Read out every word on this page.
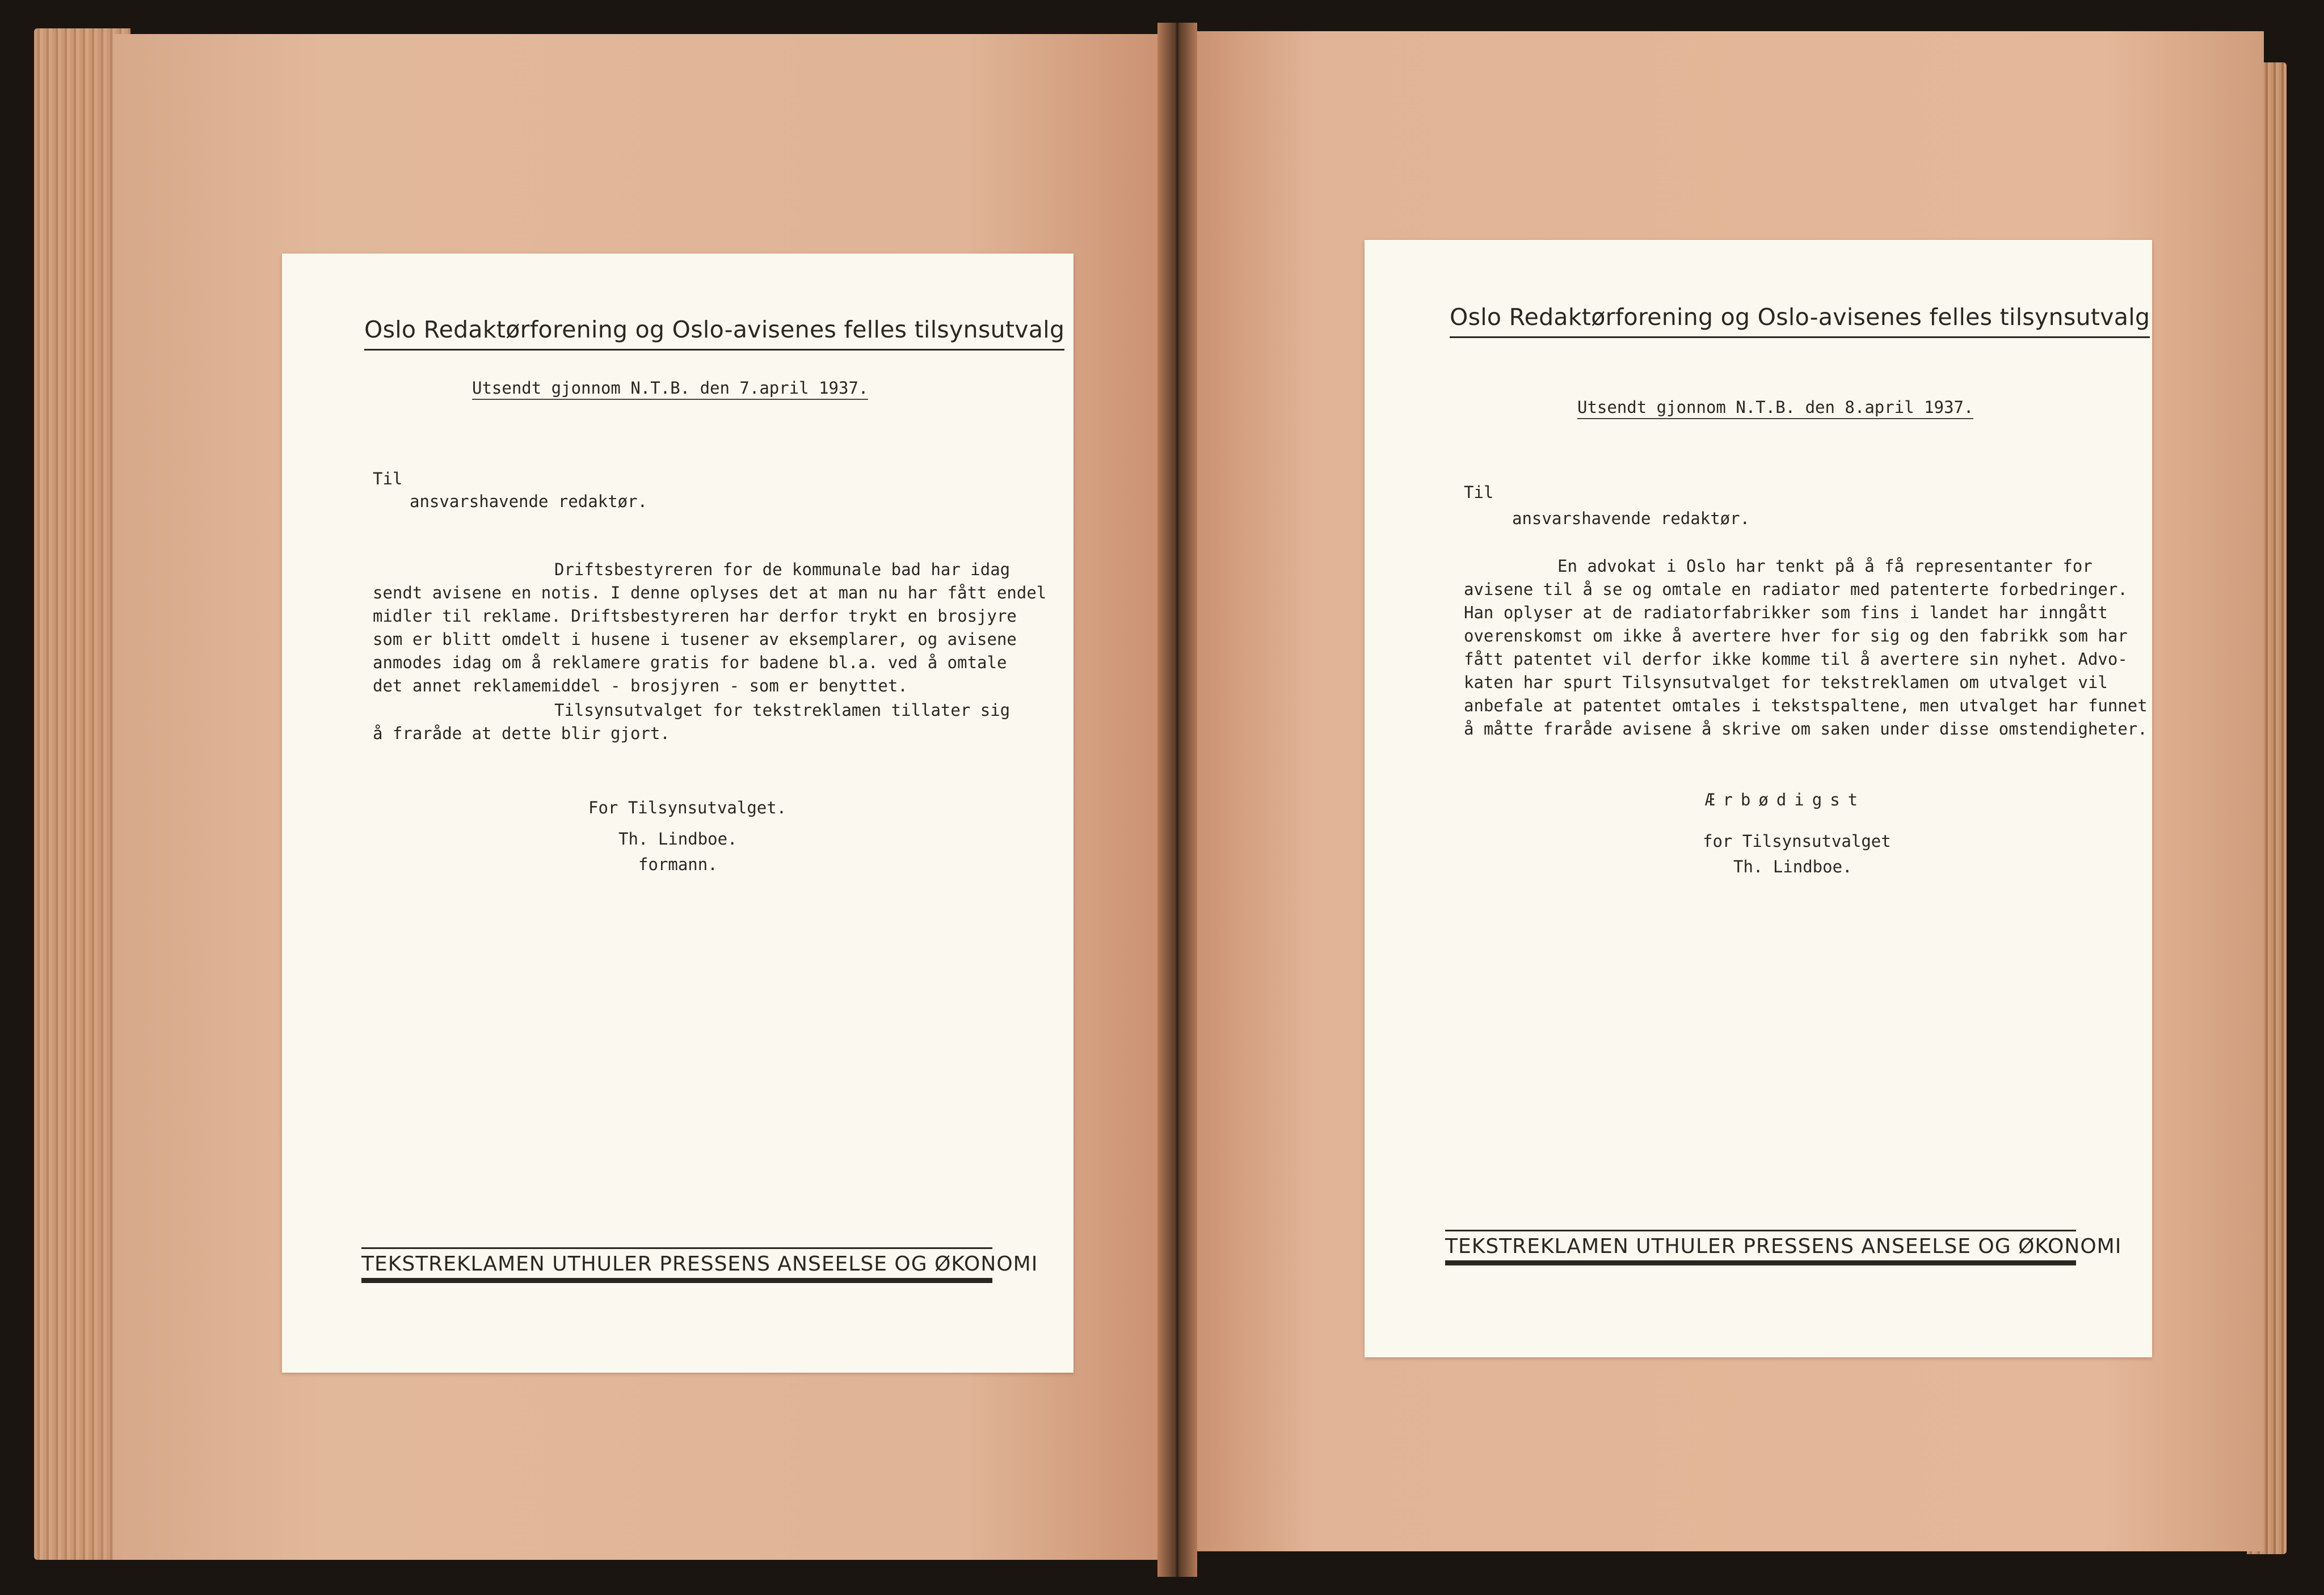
Oslo Redaktørforening og Oslo-avisenes felles tilsynsutvalg
Utsendt gjonnom N.T.B. den 7.april 1937.
Til
ansvarshavende redaktør.
Driftsbestyreren for de kommunale bad har idag
sendt avisene en notis. I denne oplyses det at man nu har fått endel
midler til reklame. Driftsbestyreren har derfor trykt en brosjyre
som er blitt omdelt i husene i tusener av eksemplarer, og avisene
anmodes idag om å reklamere gratis for badene bl.a. ved å omtale
det annet reklamemiddel - brosjyren - som er benyttet.
Tilsynsutvalget for tekstreklamen tillater sig
å fraråde at dette blir gjort.
For Tilsynsutvalget.
Th. Lindboe.
formann.
TEKSTREKLAMEN UTHULER PRESSENS ANSEELSE OG ØKONOMI
Oslo Redaktørforening og Oslo-avisenes felles tilsynsutvalg
Utsendt gjonnom N.T.B. den 8.april 1937.
Til
ansvarshavende redaktør.
En advokat i Oslo har tenkt på å få representanter for
avisene til å se og omtale en radiator med patenterte forbedringer.
Han oplyser at de radiatorfabrikker som fins i landet har inngått
overenskomst om ikke å avertere hver for sig og den fabrikk som har
fått patentet vil derfor ikke komme til å avertere sin nyhet. Advo-
katen har spurt Tilsynsutvalget for tekstreklamen om utvalget vil
anbefale at patentet omtales i tekstspaltene, men utvalget har funnet
å måtte fraråde avisene å skrive om saken under disse omstendigheter.
Ærbødigst
for Tilsynsutvalget
Th. Lindboe.
TEKSTREKLAMEN UTHULER PRESSENS ANSEELSE OG ØKONOMI
